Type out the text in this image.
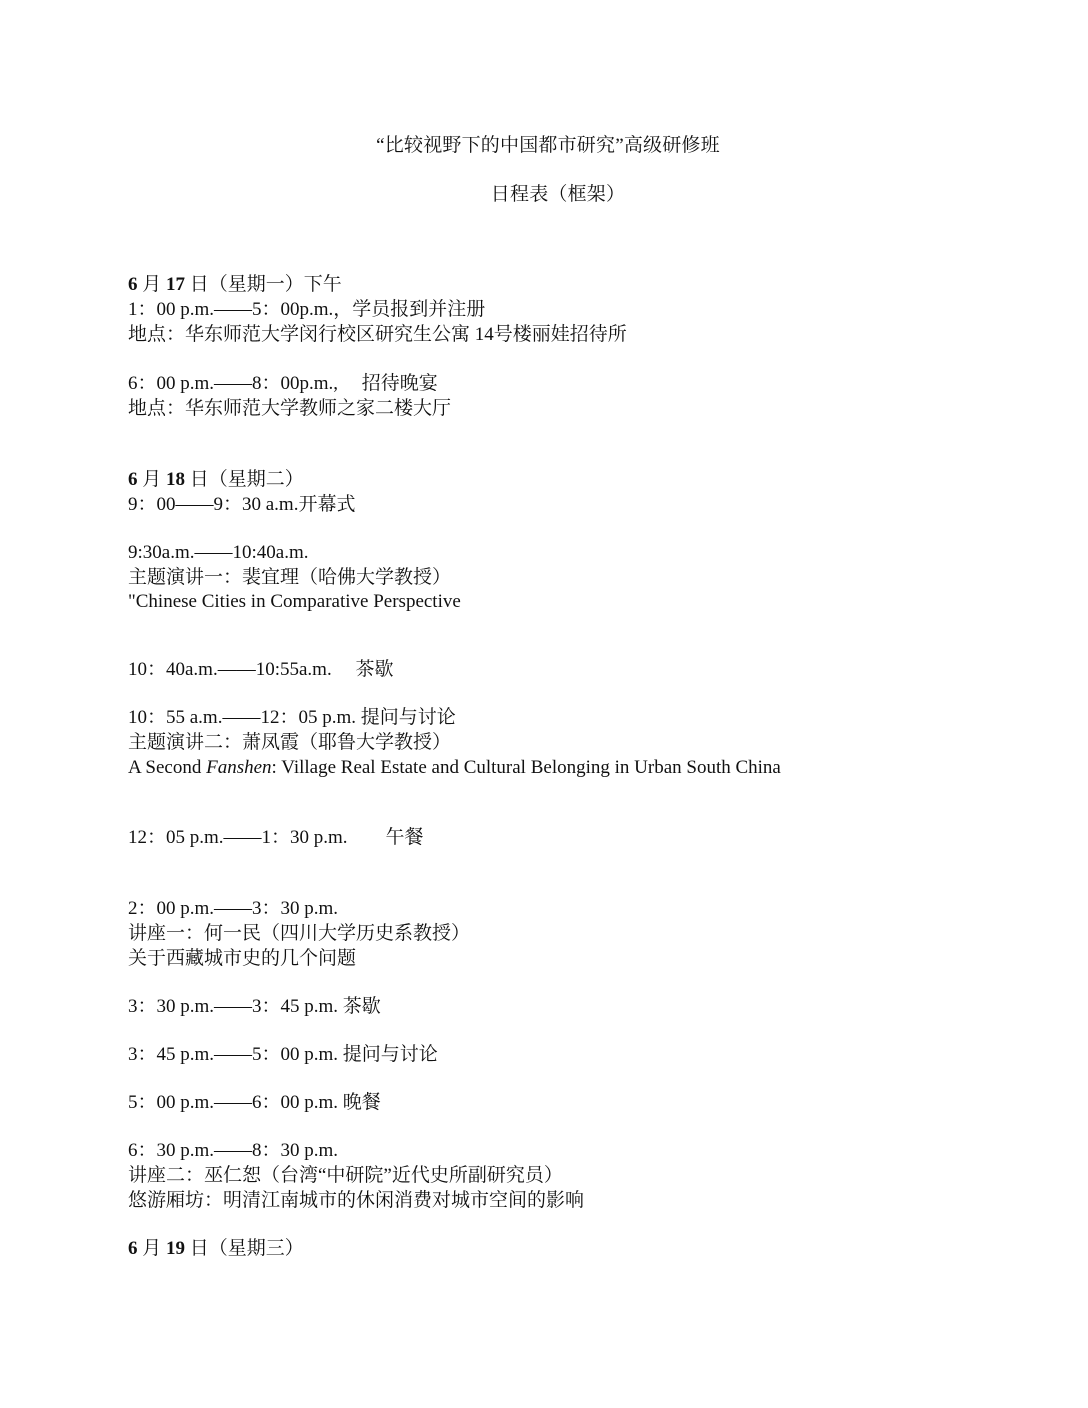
“比较视野下的中国都市研究”高级研修班
日程表（框架）
6 月 17 日（星期一）下午
1：00 p.m.——5：00p.m.，学员报到并注册
地点：华东师范大学闵行校区研究生公寓 14号楼丽娃招待所
6：00 p.m.——8：00p.m.,　 招待晚宴
地点：华东师范大学教师之家二楼大厅
6 月 18 日（星期二）
9：00——9：30 a.m.开幕式
9:30a.m.——10:40a.m.
主题演讲一：裴宜理（哈佛大学教授）
"Chinese Cities in Comparative Perspective
10：40a.m.——10:55a.m.　 茶歇
10：55 a.m.——12：05 p.m. 提问与讨论
主题演讲二：萧凤霞（耶鲁大学教授）
A Second Fanshen: Village Real Estate and Cultural Belonging in Urban South China
12：05 p.m.——1：30 p.m.　　午餐
2：00 p.m.——3：30 p.m.
讲座一：何一民（四川大学历史系教授）
关于西藏城市史的几个问题
3：30 p.m.——3：45 p.m. 茶歇
3：45 p.m.——5：00 p.m. 提问与讨论
5：00 p.m.——6：00 p.m. 晚餐
6：30 p.m.——8：30 p.m.
讲座二：巫仁恕（台湾“中研院”近代史所副研究员）
悠游厢坊：明清江南城市的休闲消费对城市空间的影响
6 月 19 日（星期三）
